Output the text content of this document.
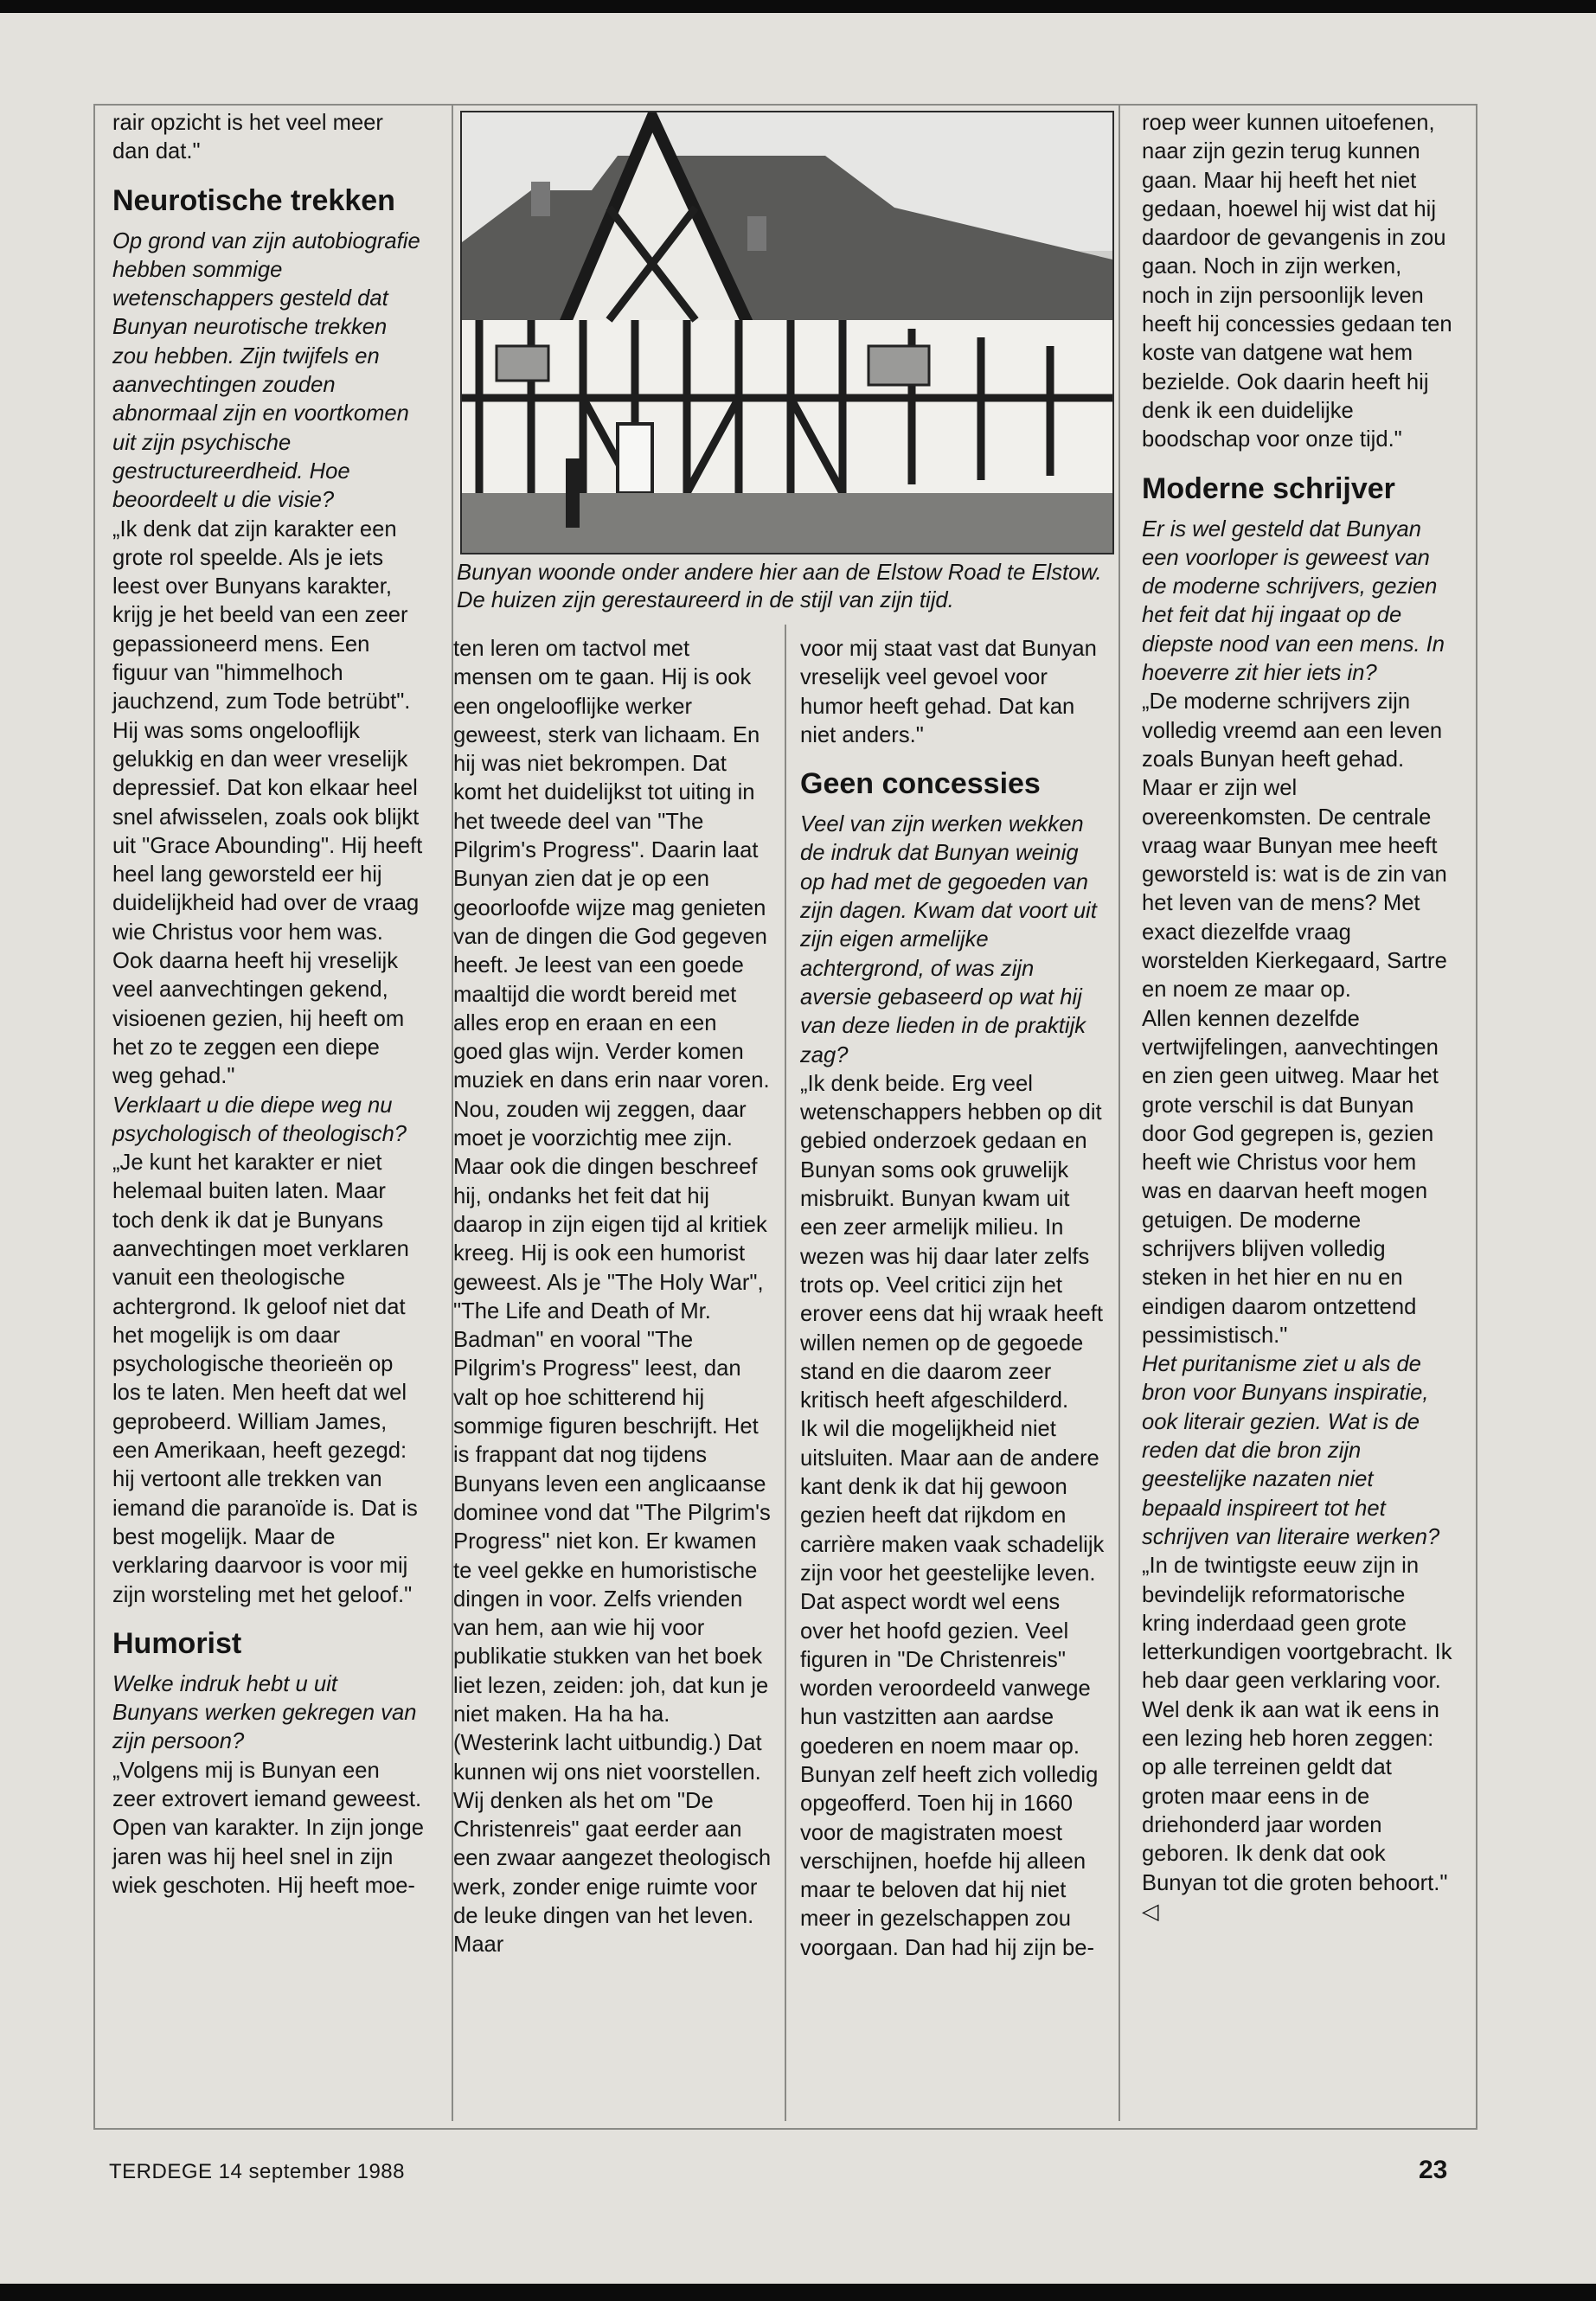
rair opzicht is het veel meer dan dat."

Neurotische trekken

Op grond van zijn autobiografie hebben sommige wetenschappers gesteld dat Bunyan neurotische trekken zou hebben. Zijn twijfels en aanvechtingen zouden abnormaal zijn en voortkomen uit zijn psychische gestructureerdheid. Hoe beoordeelt u die visie?

„Ik denk dat zijn karakter een grote rol speelde. Als je iets leest over Bunyans karakter, krijg je het beeld van een zeer gepassioneerd mens. Een figuur van "himmelhoch jauchzend, zum Tode betrübt". Hij was soms ongelooflijk gelukkig en dan weer vreselijk depressief. Dat kon elkaar heel snel afwisselen, zoals ook blijkt uit "Grace Abounding". Hij heeft heel lang geworsteld eer hij duidelijkheid had over de vraag wie Christus voor hem was. Ook daarna heeft hij vreselijk veel aanvechtingen gekend, visioenen gezien, hij heeft om het zo te zeggen een diepe weg gehad."

Verklaart u die diepe weg nu psychologisch of theologisch?

„Je kunt het karakter er niet helemaal buiten laten. Maar toch denk ik dat je Bunyans aanvechtingen moet verklaren vanuit een theologische achtergrond. Ik geloof niet dat het mogelijk is om daar psychologische theorieën op los te laten. Men heeft dat wel geprobeerd. William James, een Amerikaan, heeft gezegd: hij vertoont alle trekken van iemand die paranoïde is. Dat is best mogelijk. Maar de verklaring daarvoor is voor mij zijn worsteling met het geloof."

Humorist

Welke indruk hebt u uit Bunyans werken gekregen van zijn persoon?

„Volgens mij is Bunyan een zeer extrovert iemand geweest. Open van karakter. In zijn jonge jaren was hij heel snel in zijn wiek geschoten. Hij heeft moe-

Bunyan woonde onder andere hier aan de Elstow Road te Elstow. De huizen zijn gerestaureerd in de stijl van zijn tijd.

ten leren om tactvol met mensen om te gaan. Hij is ook een ongelooflijke werker geweest, sterk van lichaam. En hij was niet bekrompen. Dat komt het duidelijkst tot uiting in het tweede deel van "The Pilgrim's Progress". Daarin laat Bunyan zien dat je op een geoorloofde wijze mag genieten van de dingen die God gegeven heeft. Je leest van een goede maaltijd die wordt bereid met alles erop en eraan en een goed glas wijn. Verder komen muziek en dans erin naar voren. Nou, zouden wij zeggen, daar moet je voorzichtig mee zijn. Maar ook die dingen beschreef hij, ondanks het feit dat hij daarop in zijn eigen tijd al kritiek kreeg. Hij is ook een humorist geweest. Als je "The Holy War", "The Life and Death of Mr. Badman" en vooral "The Pilgrim's Progress" leest, dan valt op hoe schitterend hij sommige figuren beschrijft. Het is frappant dat nog tijdens Bunyans leven een anglicaanse dominee vond dat "The Pilgrim's Progress" niet kon. Er kwamen te veel gekke en humoristische dingen in voor. Zelfs vrienden van hem, aan wie hij voor publikatie stukken van het boek liet lezen, zeiden: joh, dat kun je niet maken. Ha ha ha. (Westerink lacht uitbundig.) Dat kunnen wij ons niet voorstellen. Wij denken als het om "De Christenreis" gaat eerder aan een zwaar aangezet theologisch werk, zonder enige ruimte voor de leuke dingen van het leven. Maar

voor mij staat vast dat Bunyan vreselijk veel gevoel voor humor heeft gehad. Dat kan niet anders."

Geen concessies

Veel van zijn werken wekken de indruk dat Bunyan weinig op had met de gegoeden van zijn dagen. Kwam dat voort uit zijn eigen armelijke achtergrond, of was zijn aversie gebaseerd op wat hij van deze lieden in de praktijk zag?

„Ik denk beide. Erg veel wetenschappers hebben op dit gebied onderzoek gedaan en Bunyan soms ook gruwelijk misbruikt. Bunyan kwam uit een zeer armelijk milieu. In wezen was hij daar later zelfs trots op. Veel critici zijn het erover eens dat hij wraak heeft willen nemen op de gegoede stand en die daarom zeer kritisch heeft afgeschilderd.

Ik wil die mogelijkheid niet uitsluiten. Maar aan de andere kant denk ik dat hij gewoon gezien heeft dat rijkdom en carrière maken vaak schadelijk zijn voor het geestelijke leven. Dat aspect wordt wel eens over het hoofd gezien. Veel figuren in "De Christenreis" worden veroordeeld vanwege hun vastzitten aan aardse goederen en noem maar op.

Bunyan zelf heeft zich volledig opgeofferd. Toen hij in 1660 voor de magistraten moest verschijnen, hoefde hij alleen maar te beloven dat hij niet meer in gezelschappen zou voorgaan. Dan had hij zijn be-

roep weer kunnen uitoefenen, naar zijn gezin terug kunnen gaan. Maar hij heeft het niet gedaan, hoewel hij wist dat hij daardoor de gevangenis in zou gaan. Noch in zijn werken, noch in zijn persoonlijk leven heeft hij concessies gedaan ten koste van datgene wat hem bezielde. Ook daarin heeft hij denk ik een duidelijke boodschap voor onze tijd."

Moderne schrijver

Er is wel gesteld dat Bunyan een voorloper is geweest van de moderne schrijvers, gezien het feit dat hij ingaat op de diepste nood van een mens. In hoeverre zit hier iets in?

„De moderne schrijvers zijn volledig vreemd aan een leven zoals Bunyan heeft gehad. Maar er zijn wel overeenkomsten. De centrale vraag waar Bunyan mee heeft geworsteld is: wat is de zin van het leven van de mens? Met exact diezelfde vraag worstelden Kierkegaard, Sartre en noem ze maar op.

Allen kennen dezelfde vertwijfelingen, aanvechtingen en zien geen uitweg. Maar het grote verschil is dat Bunyan door God gegrepen is, gezien heeft wie Christus voor hem was en daarvan heeft mogen getuigen. De moderne schrijvers blijven volledig steken in het hier en nu en eindigen daarom ontzettend pessimistisch."

Het puritanisme ziet u als de bron voor Bunyans inspiratie, ook literair gezien. Wat is de reden dat die bron zijn geestelijke nazaten niet bepaald inspireert tot het schrijven van literaire werken?

„In de twintigste eeuw zijn in bevindelijk reformatorische kring inderdaad geen grote letterkundigen voortgebracht. Ik heb daar geen verklaring voor. Wel denk ik aan wat ik eens in een lezing heb horen zeggen: op alle terreinen geldt dat groten maar eens in de driehonderd jaar worden geboren. Ik denk dat ook Bunyan tot die groten behoort." ◁

TERDEGE 14 september 1988	23
